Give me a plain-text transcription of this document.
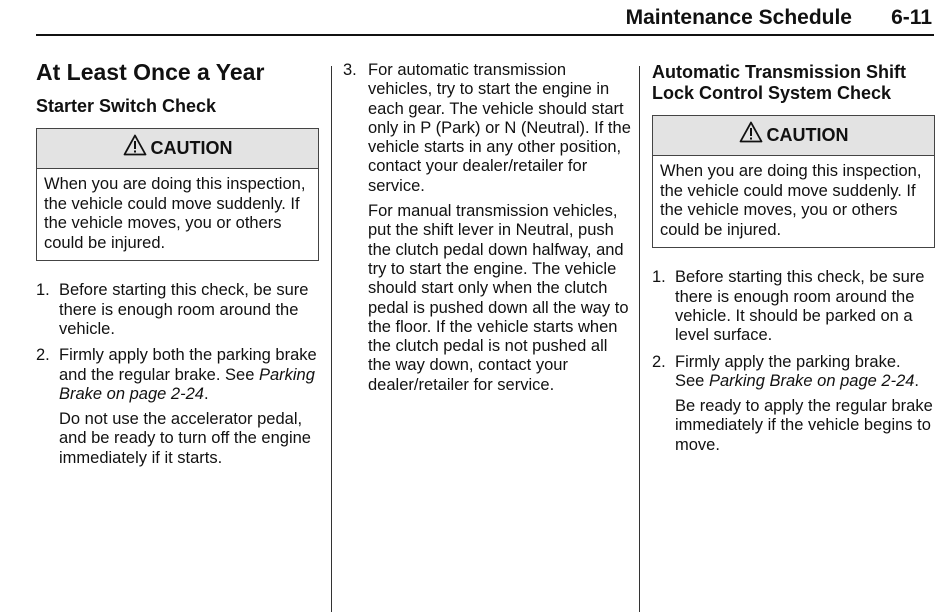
Maintenance Schedule 6-11
At Least Once a Year
Starter Switch Check
CAUTION
When you are doing this inspection, the vehicle could move suddenly. If the vehicle moves, you or others could be injured.
1. Before starting this check, be sure there is enough room around the vehicle.
2. Firmly apply both the parking brake and the regular brake. See Parking Brake on page 2-24.
Do not use the accelerator pedal, and be ready to turn off the engine immediately if it starts.
3. For automatic transmission vehicles, try to start the engine in each gear. The vehicle should start only in P (Park) or N (Neutral). If the vehicle starts in any other position, contact your dealer/retailer for service.
For manual transmission vehicles, put the shift lever in Neutral, push the clutch pedal down halfway, and try to start the engine. The vehicle should start only when the clutch pedal is pushed down all the way to the floor. If the vehicle starts when the clutch pedal is not pushed all the way down, contact your dealer/retailer for service.
Automatic Transmission Shift Lock Control System Check
CAUTION
When you are doing this inspection, the vehicle could move suddenly. If the vehicle moves, you or others could be injured.
1. Before starting this check, be sure there is enough room around the vehicle. It should be parked on a level surface.
2. Firmly apply the parking brake. See Parking Brake on page 2-24.
Be ready to apply the regular brake immediately if the vehicle begins to move.
